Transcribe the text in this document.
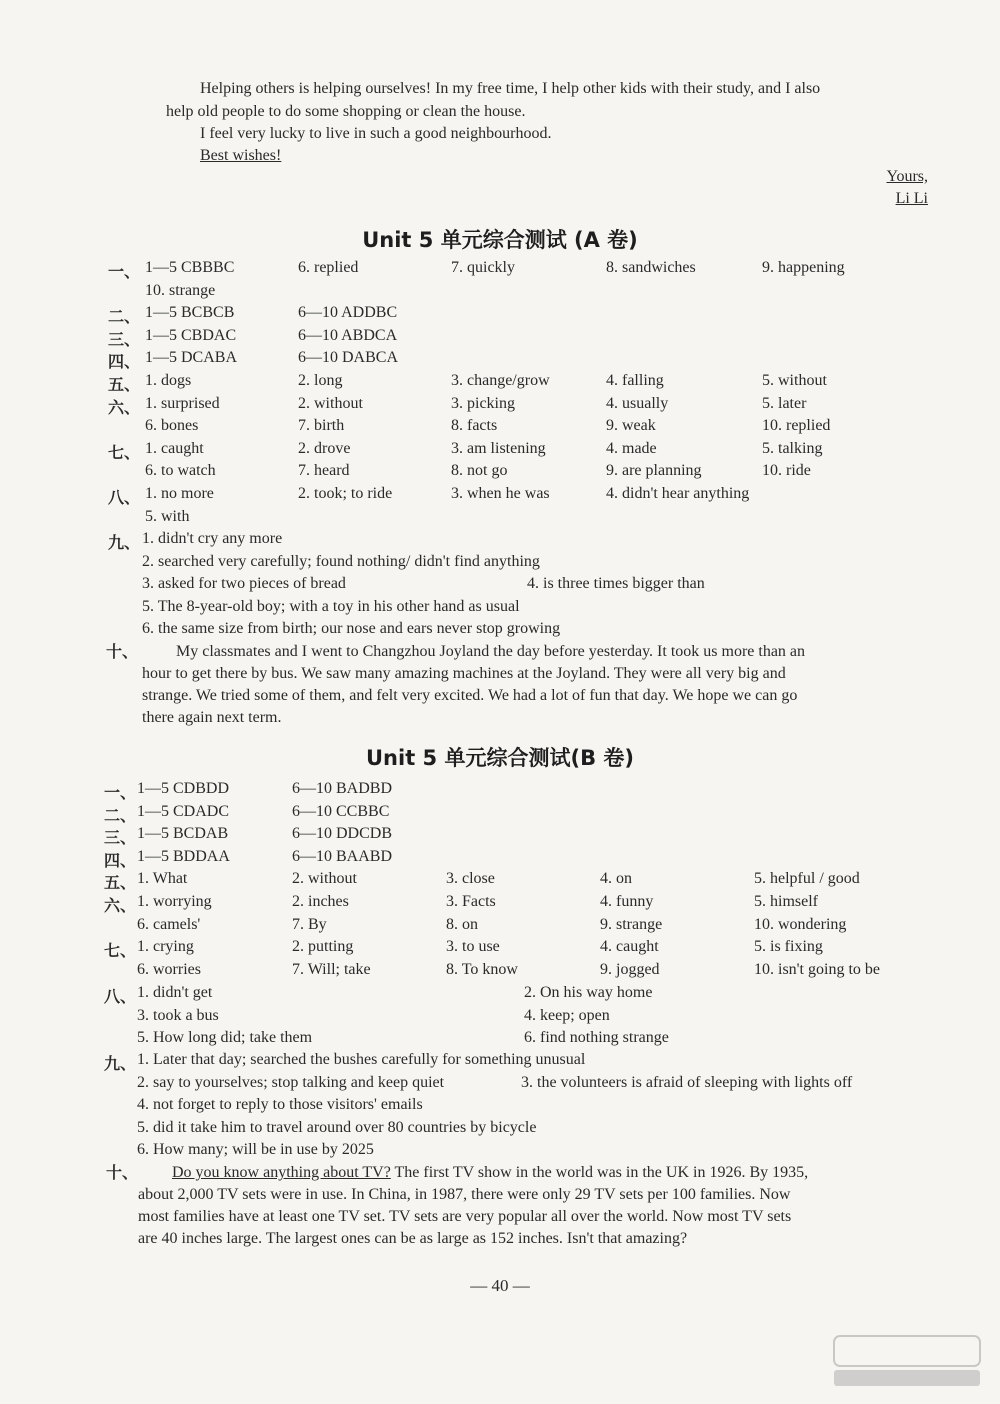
Helping others is helping ourselves! In my free time, I help other kids with their study, and I also
help old people to do some shopping or clean the house.
I feel very lucky to live in such a good neighbourhood.
Best wishes!
Yours,
Li Li
Unit 5 单元综合测试 (A 卷)
一、 1—5 CBBBC	6. replied	7. quickly	8. sandwiches	9. happening
10. strange
二、 1—5 BCBCB	6—10 ADDBC
三、 1—5 CBDAC	6—10 ABDCA
四、 1—5 DCABA	6—10 DABCA
五、 1. dogs	2. long	3. change/grow	4. falling	5. without
六、 1. surprised	2. without	3. picking	4. usually	5. later
6. bones	7. birth	8. facts	9. weak	10. replied
七、 1. caught	2. drove	3. am listening	4. made	5. talking
6. to watch	7. heard	8. not go	9. are planning	10. ride
八、 1. no more	2. took; to ride	3. when he was	4. didn't hear anything
5. with
九、 1. didn't cry any more
2. searched very carefully; found nothing/ didn't find anything
3. asked for two pieces of bread	4. is three times bigger than
5. The 8-year-old boy; with a toy in his other hand as usual
6. the same size from birth; our nose and ears never stop growing
十、 My classmates and I went to Changzhou Joyland the day before yesterday. It took us more than an
hour to get there by bus. We saw many amazing machines at the Joyland. They were all very big and
strange. We tried some of them, and felt very excited. We had a lot of fun that day. We hope we can go
there again next term.
Unit 5 单元综合测试(B 卷)
一、 1—5 CDBDD	6—10 BADBD
二、 1—5 CDADC	6—10 CCBBC
三、 1—5 BCDAB	6—10 DDCDB
四、 1—5 BDDAA	6—10 BAABD
五、 1. What	2. without	3. close	4. on	5. helpful / good
六、 1. worrying	2. inches	3. Facts	4. funny	5. himself
6. camels'	7. By	8. on	9. strange	10. wondering
七、 1. crying	2. putting	3. to use	4. caught	5. is fixing
6. worries	7. Will; take	8. To know	9. jogged	10. isn't going to be
八、 1. didn't get	2. On his way home
3. took a bus	4. keep; open
5. How long did; take them	6. find nothing strange
九、 1. Later that day; searched the bushes carefully for something unusual
2. say to yourselves; stop talking and keep quiet	3. the volunteers is afraid of sleeping with lights off
4. not forget to reply to those visitors' emails
5. did it take him to travel around over 80 countries by bicycle
6. How many; will be in use by 2025
十、 Do you know anything about TV? The first TV show in the world was in the UK in 1926. By 1935,
about 2,000 TV sets were in use. In China, in 1987, there were only 29 TV sets per 100 families. Now
most families have at least one TV set. TV sets are very popular all over the world. Now most TV sets
are 40 inches large. The largest ones can be as large as 152 inches. Isn't that amazing?
— 40 —
